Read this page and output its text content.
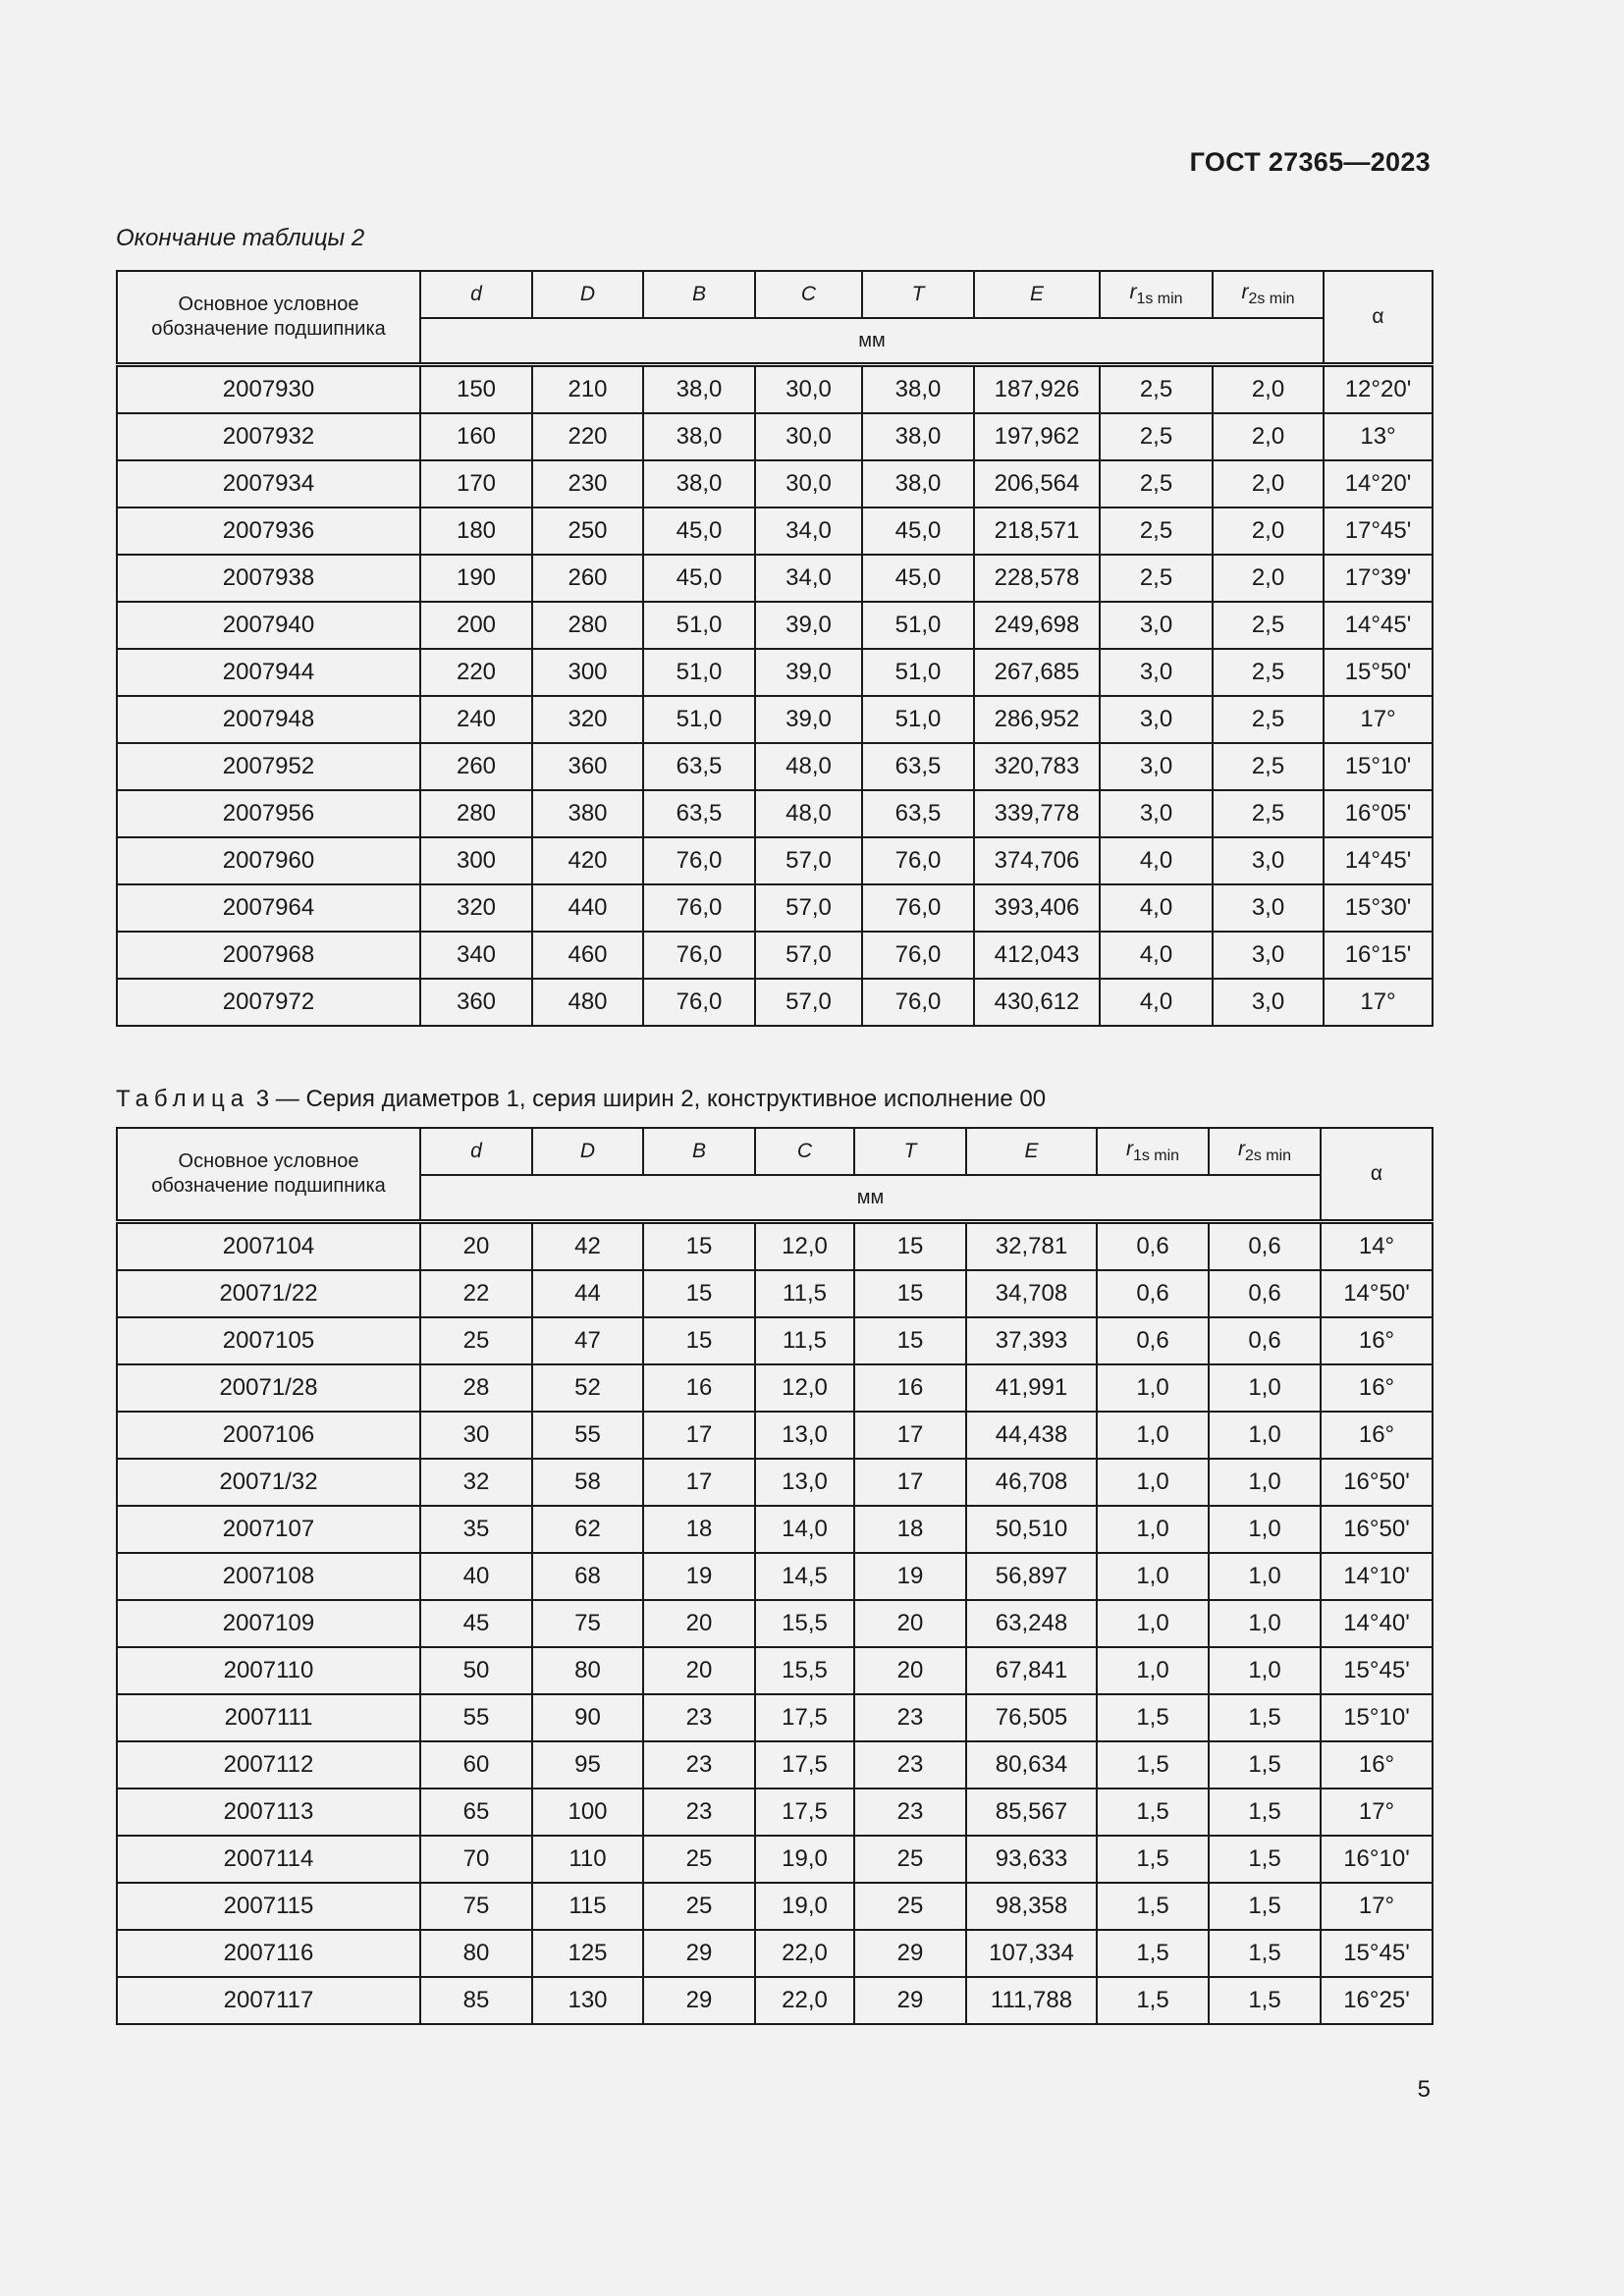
ГОСТ 27365—2023
Окончание таблицы 2
Основное условное обозначение подшипника	d	D	B	C	T	E	$r_{1s min}$	$r_{2s min}$	α
	мм								
2007930	150	210	38,0	30,0	38,0	187,926	2,5	2,0	12°20'
2007932	160	220	38,0	30,0	38,0	197,962	2,5	2,0	13°
2007934	170	230	38,0	30,0	38,0	206,564	2,5	2,0	14°20'
2007936	180	250	45,0	34,0	45,0	218,571	2,5	2,0	17°45'
2007938	190	260	45,0	34,0	45,0	228,578	2,5	2,0	17°39'
2007940	200	280	51,0	39,0	51,0	249,698	3,0	2,5	14°45'
2007944	220	300	51,0	39,0	51,0	267,685	3,0	2,5	15°50'
2007948	240	320	51,0	39,0	51,0	286,952	3,0	2,5	17°
2007952	260	360	63,5	48,0	63,5	320,783	3,0	2,5	15°10'
2007956	280	380	63,5	48,0	63,5	339,778	3,0	2,5	16°05'
2007960	300	420	76,0	57,0	76,0	374,706	4,0	3,0	14°45'
2007964	320	440	76,0	57,0	76,0	393,406	4,0	3,0	15°30'
2007968	340	460	76,0	57,0	76,0	412,043	4,0	3,0	16°15'
2007972	360	480	76,0	57,0	76,0	430,612	4,0	3,0	17°
Таблица 3 — Серия диаметров 1, серия ширин 2, конструктивное исполнение 00
Основное условное обозначение подшипника	d	D	B	C	T	E	$r_{1s min}$	$r_{2s min}$	α
	мм								
2007104	20	42	15	12,0	15	32,781	0,6	0,6	14°
20071/22	22	44	15	11,5	15	34,708	0,6	0,6	14°50'
2007105	25	47	15	11,5	15	37,393	0,6	0,6	16°
20071/28	28	52	16	12,0	16	41,991	1,0	1,0	16°
2007106	30	55	17	13,0	17	44,438	1,0	1,0	16°
20071/32	32	58	17	13,0	17	46,708	1,0	1,0	16°50'
2007107	35	62	18	14,0	18	50,510	1,0	1,0	16°50'
2007108	40	68	19	14,5	19	56,897	1,0	1,0	14°10'
2007109	45	75	20	15,5	20	63,248	1,0	1,0	14°40'
2007110	50	80	20	15,5	20	67,841	1,0	1,0	15°45'
2007111	55	90	23	17,5	23	76,505	1,5	1,5	15°10'
2007112	60	95	23	17,5	23	80,634	1,5	1,5	16°
2007113	65	100	23	17,5	23	85,567	1,5	1,5	17°
2007114	70	110	25	19,0	25	93,633	1,5	1,5	16°10'
2007115	75	115	25	19,0	25	98,358	1,5	1,5	17°
2007116	80	125	29	22,0	29	107,334	1,5	1,5	15°45'
2007117	85	130	29	22,0	29	111,788	1,5	1,5	16°25'
5
